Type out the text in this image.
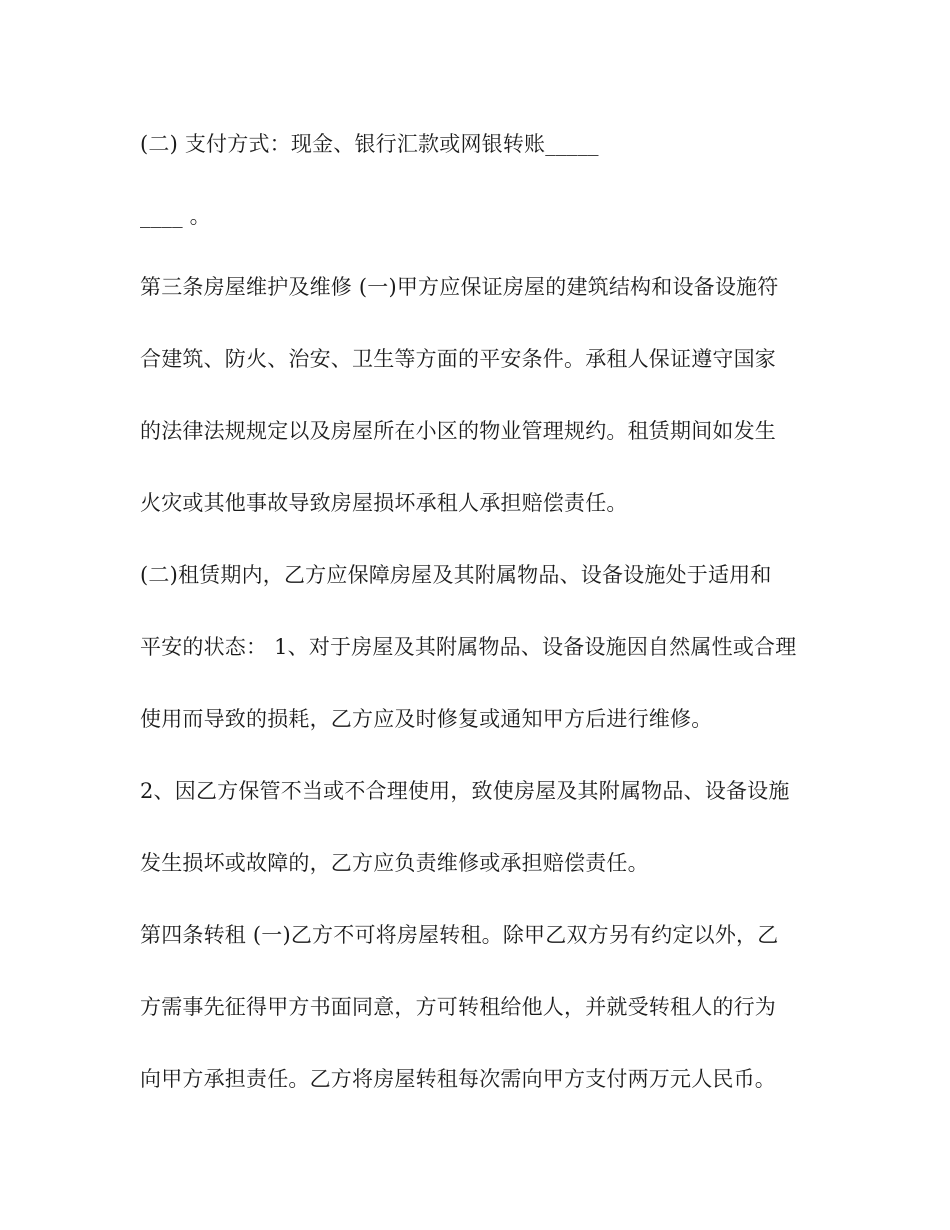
(二) 支付方式：现金、银行汇款或网银转账_____
____ 。
第三条房屋维护及维修 (一)甲方应保证房屋的建筑结构和设备设施符
合建筑、防火、治安、卫生等方面的平安条件。承租人保证遵守国家
的法律法规规定以及房屋所在小区的物业管理规约。租赁期间如发生
火灾或其他事故导致房屋损坏承租人承担赔偿责任。
(二)租赁期内，乙方应保障房屋及其附属物品、设备设施处于适用和
平安的状态： 1、对于房屋及其附属物品、设备设施因自然属性或合理
使用而导致的损耗，乙方应及时修复或通知甲方后进行维修。
2、因乙方保管不当或不合理使用，致使房屋及其附属物品、设备设施
发生损坏或故障的，乙方应负责维修或承担赔偿责任。
第四条转租 (一)乙方不可将房屋转租。除甲乙双方另有约定以外，乙
方需事先征得甲方书面同意，方可转租给他人，并就受转租人的行为
向甲方承担责任。乙方将房屋转租每次需向甲方支付两万元人民币。
